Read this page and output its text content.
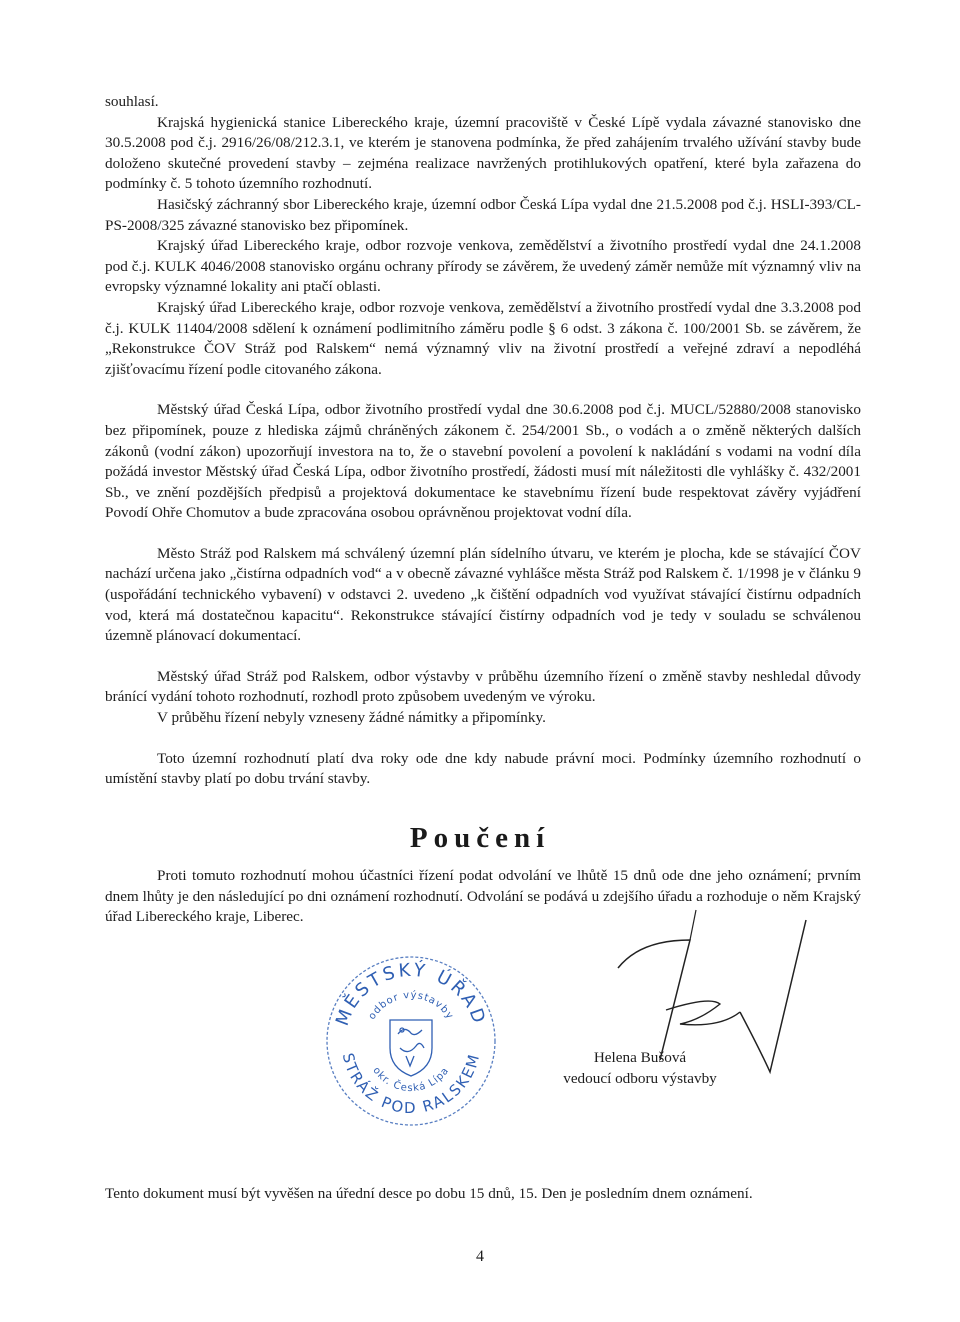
souhlasí.

Krajská hygienická stanice Libereckého kraje, územní pracoviště v České Lípě vydala závazné stanovisko dne 30.5.2008 pod č.j. 2916/26/08/212.3.1, ve kterém je stanovena podmínka, že před zahájením trvalého užívání stavby bude doloženo skutečné provedení stavby – zejména realizace navržených protihlukových opatření, které byla zařazena do podmínky č. 5 tohoto územního rozhodnutí.

Hasičský záchranný sbor Libereckého kraje, územní odbor Česká Lípa vydal dne 21.5.2008 pod č.j. HSLI-393/CL-PS-2008/325 závazné stanovisko bez připomínek.

Krajský úřad Libereckého kraje, odbor rozvoje venkova, zemědělství a životního prostředí vydal dne 24.1.2008 pod č.j. KULK 4046/2008 stanovisko orgánu ochrany přírody se závěrem, že uvedený záměr nemůže mít významný vliv na evropsky významné lokality ani ptačí oblasti.

Krajský úřad Libereckého kraje, odbor rozvoje venkova, zemědělství a životního prostředí vydal dne 3.3.2008 pod č.j. KULK 11404/2008 sdělení k oznámení podlimitního záměru podle § 6 odst. 3 zákona č. 100/2001 Sb. se závěrem, že „Rekonstrukce ČOV Stráž pod Ralskem“ nemá významný vliv na životní prostředí a veřejné zdraví a nepodléhá zjišťovacímu řízení podle citovaného zákona.

Městský úřad Česká Lípa, odbor životního prostředí vydal dne 30.6.2008 pod č.j. MUCL/52880/2008 stanovisko bez připomínek, pouze z hlediska zájmů chráněných zákonem č. 254/2001 Sb., o vodách a o změně některých dalších zákonů (vodní zákon) upozorňují investora na to, že o stavební povolení a povolení k nakládání s vodami na vodní díla požádá investor Městský úřad Česká Lípa, odbor životního prostředí, žádosti musí mít náležitosti dle vyhlášky č. 432/2001 Sb., ve znění pozdějších předpisů a projektová dokumentace ke stavebnímu řízení bude respektovat závěry vyjádření Povodí Ohře Chomutov a bude zpracována osobou oprávněnou projektovat vodní díla.

Město Stráž pod Ralskem má schválený územní plán sídelního útvaru, ve kterém je plocha, kde se stávající ČOV nachází určena jako „čistírna odpadních vod“ a v obecně závazné vyhlášce města Stráž pod Ralskem č. 1/1998 je v článku 9 (uspořádání technického vybavení) v odstavci 2. uvedeno „k čištění odpadních vod využívat stávající čistírnu odpadních vod, která má dostatečnou kapacitu“. Rekonstrukce stávající čistírny odpadních vod je tedy v souladu se schválenou územně plánovací dokumentací.

Městský úřad Stráž pod Ralskem, odbor výstavby v průběhu územního řízení o změně stavby neshledal důvody bránící vydání tohoto rozhodnutí, rozhodl proto způsobem uvedeným ve výroku.

V průběhu řízení nebyly vzneseny žádné námitky a připomínky.

Toto územní rozhodnutí platí dva roky ode dne kdy nabude právní moci. Podmínky územního rozhodnutí o umístění stavby platí po dobu trvání stavby.

Poučení

Proti tomuto rozhodnutí mohou účastníci řízení podat odvolání ve lhůtě 15 dnů ode dne jeho oznámení; prvním dnem lhůty je den následující po dni oznámení rozhodnutí. Odvolání se podává u zdejšího úřadu a rozhoduje o něm Krajský úřad Libereckého kraje, Liberec.

MĚSTSKÝ ÚŘAD
STRÁŽ POD RALSKEM
odbor výstavby
okr. Česká Lípa
Helena Bušová
vedoucí odboru výstavby
Tento dokument musí být vyvěšen na úřední desce po dobu 15 dnů, 15. Den je posledním dnem oznámení.
4
